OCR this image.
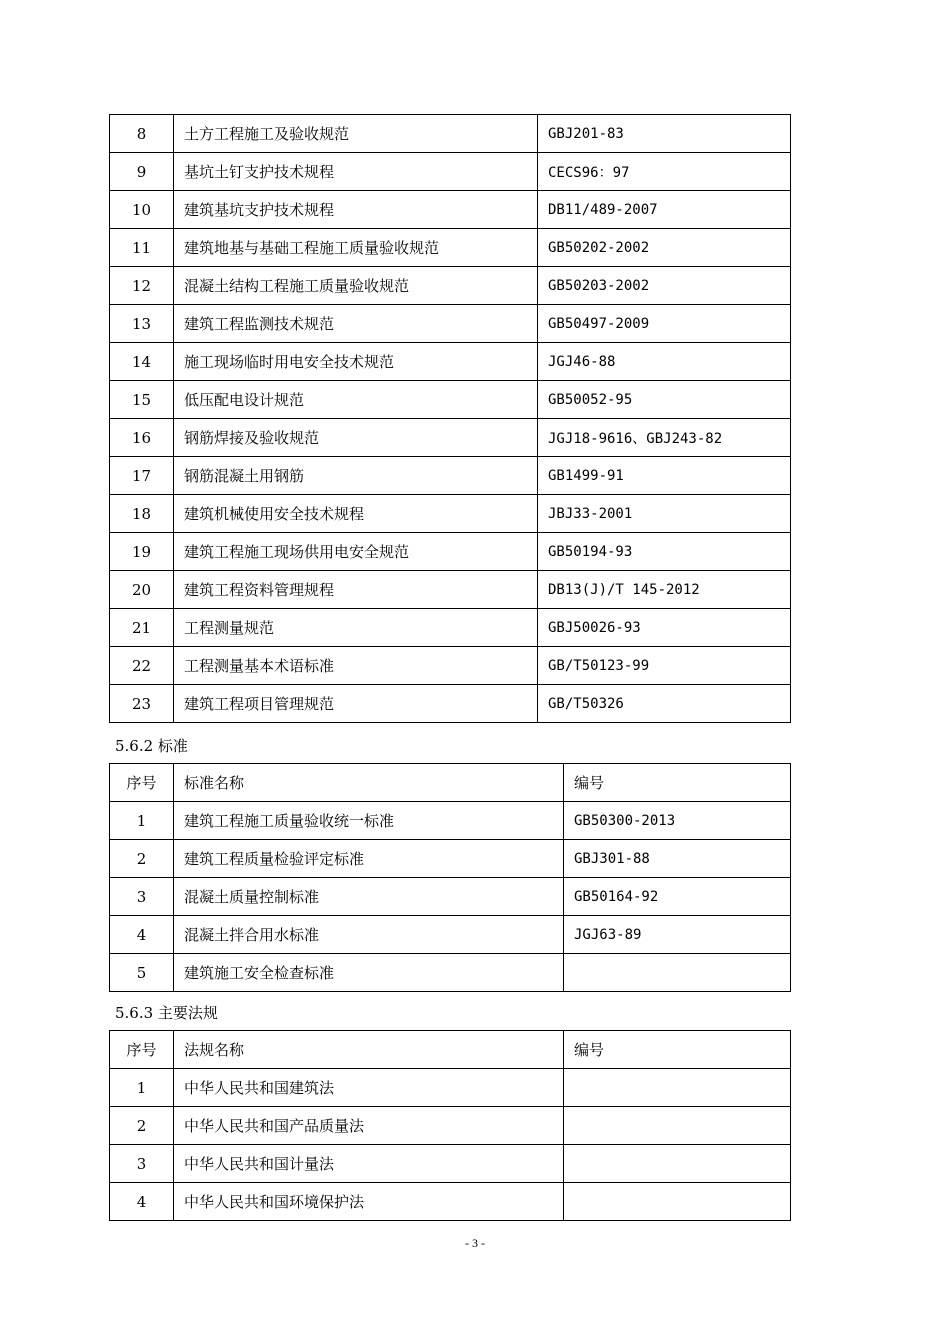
8	土方工程施工及验收规范	GBJ201-83
9	基坑土钉支护技术规程	CECS96：97
10	建筑基坑支护技术规程	DB11/489-2007
11	建筑地基与基础工程施工质量验收规范	GB50202-2002
12	混凝土结构工程施工质量验收规范	GB50203-2002
13	建筑工程监测技术规范	GB50497-2009
14	施工现场临时用电安全技术规范	JGJ46-88
15	低压配电设计规范	GB50052-95
16	钢筋焊接及验收规范	JGJ18-9616、GBJ243-82
17	钢筋混凝土用钢筋	GB1499-91
18	建筑机械使用安全技术规程	JBJ33-2001
19	建筑工程施工现场供用电安全规范	GB50194-93
20	建筑工程资料管理规程	DB13(J)/T 145-2012
21	工程测量规范	GBJ50026-93
22	工程测量基本术语标准	GB/T50123-99
23	建筑工程项目管理规范	GB/T50326
5.6.2 标准
序号	标准名称	编号
1	建筑工程施工质量验收统一标准	GB50300-2013
2	建筑工程质量检验评定标准	GBJ301-88
3	混凝土质量控制标准	GB50164-92
4	混凝土拌合用水标准	JGJ63-89
5	建筑施工安全检查标准	
5.6.3 主要法规
序号	法规名称	编号
1	中华人民共和国建筑法	
2	中华人民共和国产品质量法	
3	中华人民共和国计量法	
4	中华人民共和国环境保护法	
- 3 -
